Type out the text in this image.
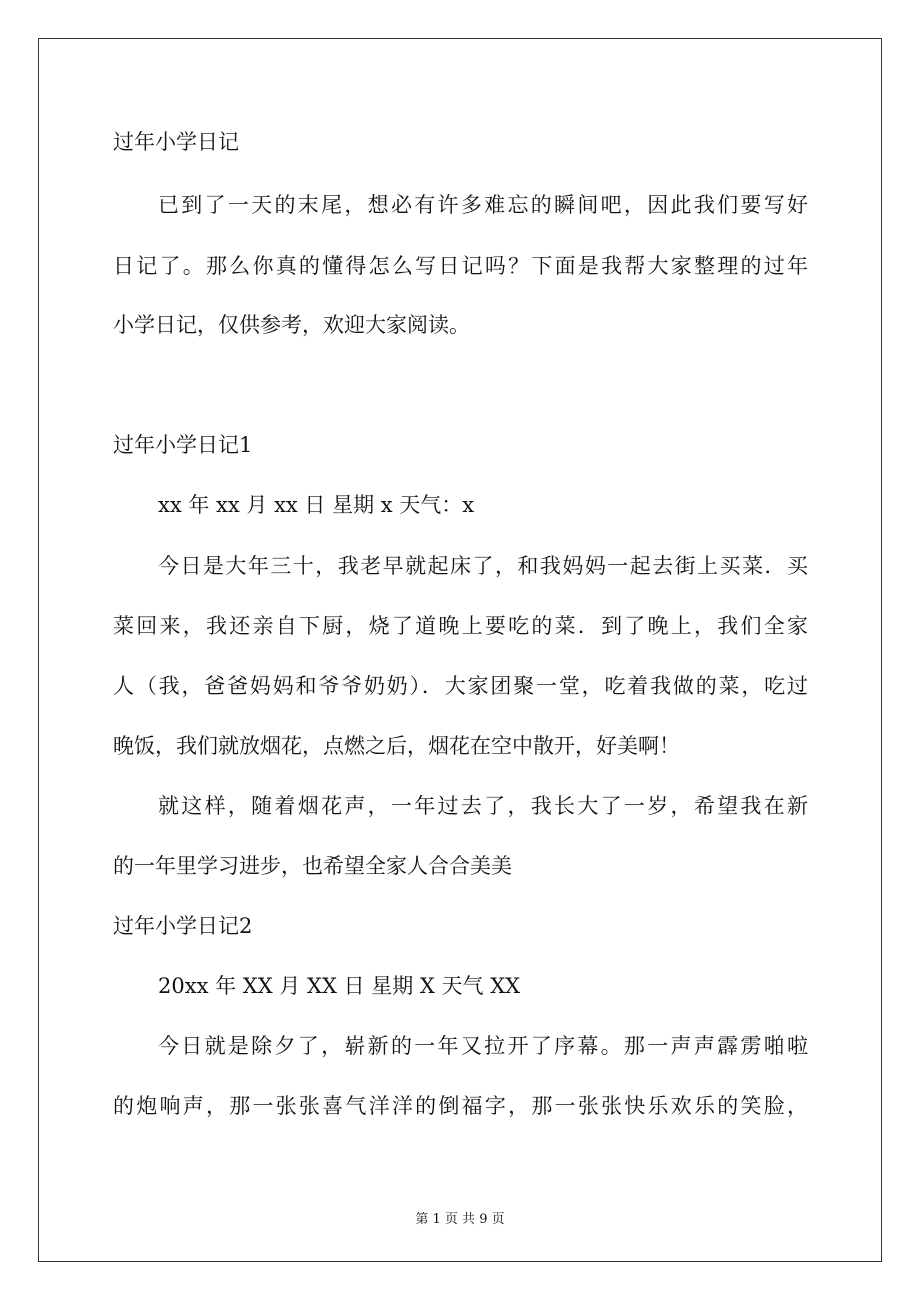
过年小学日记
已到了一天的末尾，想必有许多难忘的瞬间吧，因此我们要写好
日记了。那么你真的懂得怎么写日记吗？下面是我帮大家整理的过年
小学日记，仅供参考，欢迎大家阅读。
过年小学日记1
xx 年 xx 月 xx 日 星期 x 天气：x
今日是大年三十，我老早就起床了，和我妈妈一起去街上买菜．买
菜回来，我还亲自下厨，烧了道晚上要吃的菜．到了晚上，我们全家
人（我，爸爸妈妈和爷爷奶奶）．大家团聚一堂，吃着我做的菜，吃过
晚饭，我们就放烟花，点燃之后，烟花在空中散开，好美啊！
就这样，随着烟花声，一年过去了，我长大了一岁，希望我在新
的一年里学习进步，也希望全家人合合美美
过年小学日记2
20xx 年 XX 月 XX 日 星期 X 天气 XX
今日就是除夕了，崭新的一年又拉开了序幕。那一声声霹雳啪啦
的炮响声，那一张张喜气洋洋的倒福字，那一张张快乐欢乐的笑脸，
第 1 页 共 9 页
